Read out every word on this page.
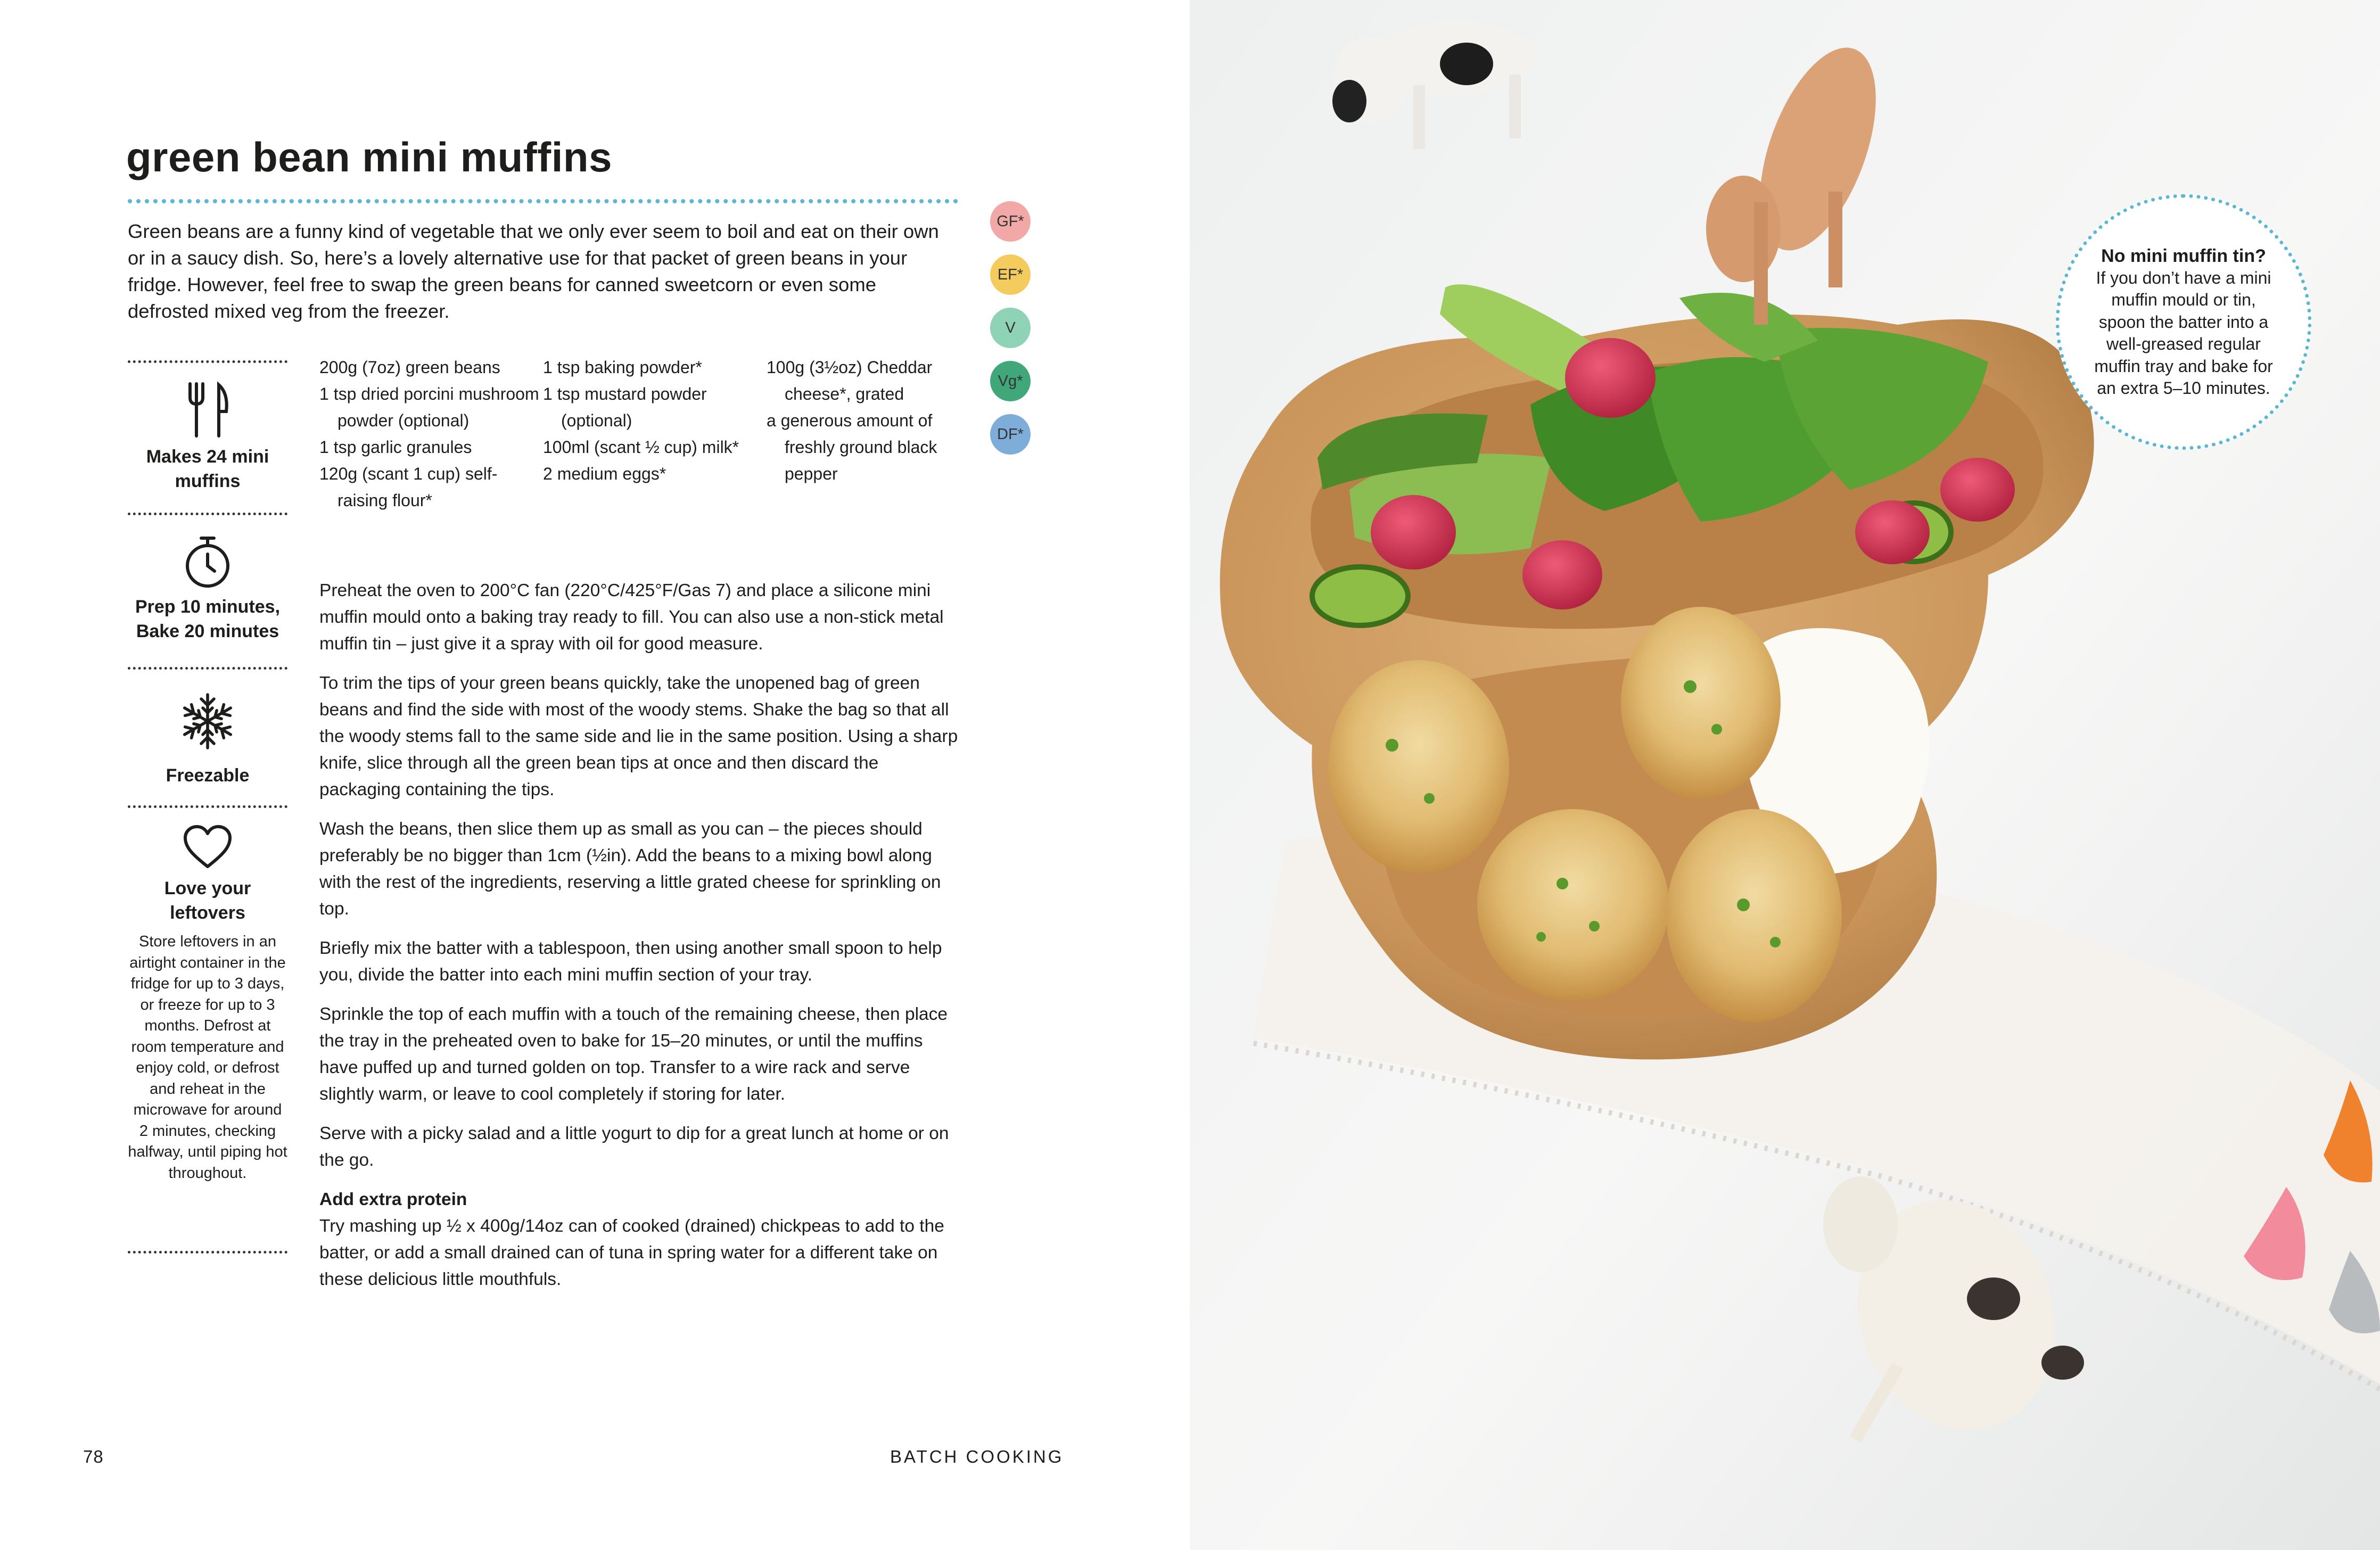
green bean mini muffins

Green beans are a funny kind of vegetable that we only ever seem to boil and eat on their own or in a saucy dish. So, here’s a lovely alternative use for that packet of green beans in your fridge. However, feel free to swap the green beans for canned sweetcorn or even some defrosted mixed veg from the freezer.

GF*
EF*
V
Vg*
DF*
Makes 24 mini muffins
Prep 10 minutes, Bake 20 minutes
Freezable
Love your leftovers
Store leftovers in an airtight container in the fridge for up to 3 days, or freeze for up to 3 months. Defrost at room temperature and enjoy cold, or defrost and reheat in the microwave for around 2 minutes, checking halfway, until piping hot throughout.
200g (7oz) green beans
1 tsp dried porcini mushroom powder (optional)
1 tsp garlic granules
120g (scant 1 cup) self-raising flour*
1 tsp baking powder*
1 tsp mustard powder (optional)
100ml (scant ½ cup) milk*
2 medium eggs*
100g (3½oz) Cheddar cheese*, grated
a generous amount of freshly ground black pepper

Preheat the oven to 200°C fan (220°C/425°F/Gas 7) and place a silicone mini muffin mould onto a baking tray ready to fill. You can also use a non-stick metal muffin tin – just give it a spray with oil for good measure.

To trim the tips of your green beans quickly, take the unopened bag of green beans and find the side with most of the woody stems. Shake the bag so that all the woody stems fall to the same side and lie in the same position. Using a sharp knife, slice through all the green bean tips at once and then discard the packaging containing the tips.

Wash the beans, then slice them up as small as you can – the pieces should preferably be no bigger than 1cm (½in). Add the beans to a mixing bowl along with the rest of the ingredients, reserving a little grated cheese for sprinkling on top.

Briefly mix the batter with a tablespoon, then using another small spoon to help you, divide the batter into each mini muffin section of your tray.

Sprinkle the top of each muffin with a touch of the remaining cheese, then place the tray in the preheated oven to bake for 15–20 minutes, or until the muffins have puffed up and turned golden on top. Transfer to a wire rack and serve slightly warm, or leave to cool completely if storing for later.

Serve with a picky salad and a little yogurt to dip for a great lunch at home or on the go.

Add extra protein

Try mashing up ½ x 400g/14oz can of cooked (drained) chickpeas to add to the batter, or add a small drained can of tuna in spring water for a different take on these delicious little mouthfuls.

78	BATCH COOKING
No mini muffin tin?
If you don’t have a mini muffin mould or tin, spoon the batter into a well-greased regular muffin tray and bake for an extra 5–10 minutes.
